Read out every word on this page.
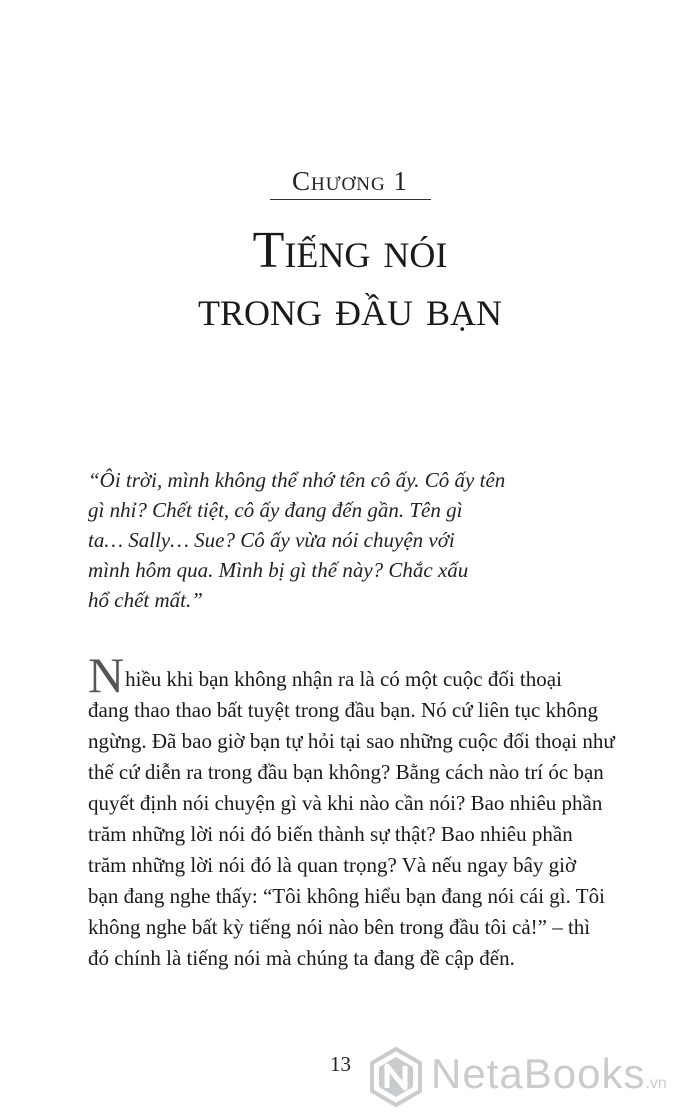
Chương 1
Tiếng nói
trong đầu bạn
“Ôi trời, mình không thể nhớ tên cô ấy. Cô ấy tên
gì nhỉ? Chết tiệt, cô ấy đang đến gần. Tên gì
ta… Sally… Sue? Cô ấy vừa nói chuyện với
mình hôm qua. Mình bị gì thế này? Chắc xấu
hổ chết mất.”
Nhiều khi bạn không nhận ra là có một cuộc đối thoại
đang thao thao bất tuyệt trong đầu bạn. Nó cứ liên tục không
ngừng. Đã bao giờ bạn tự hỏi tại sao những cuộc đối thoại như
thế cứ diễn ra trong đầu bạn không? Bằng cách nào trí óc bạn
quyết định nói chuyện gì và khi nào cần nói? Bao nhiêu phần
trăm những lời nói đó biến thành sự thật? Bao nhiêu phần
trăm những lời nói đó là quan trọng? Và nếu ngay bây giờ
bạn đang nghe thấy: “Tôi không hiểu bạn đang nói cái gì. Tôi
không nghe bất kỳ tiếng nói nào bên trong đầu tôi cả!” – thì
đó chính là tiếng nói mà chúng ta đang đề cập đến.
13 NetaBooks.vn
